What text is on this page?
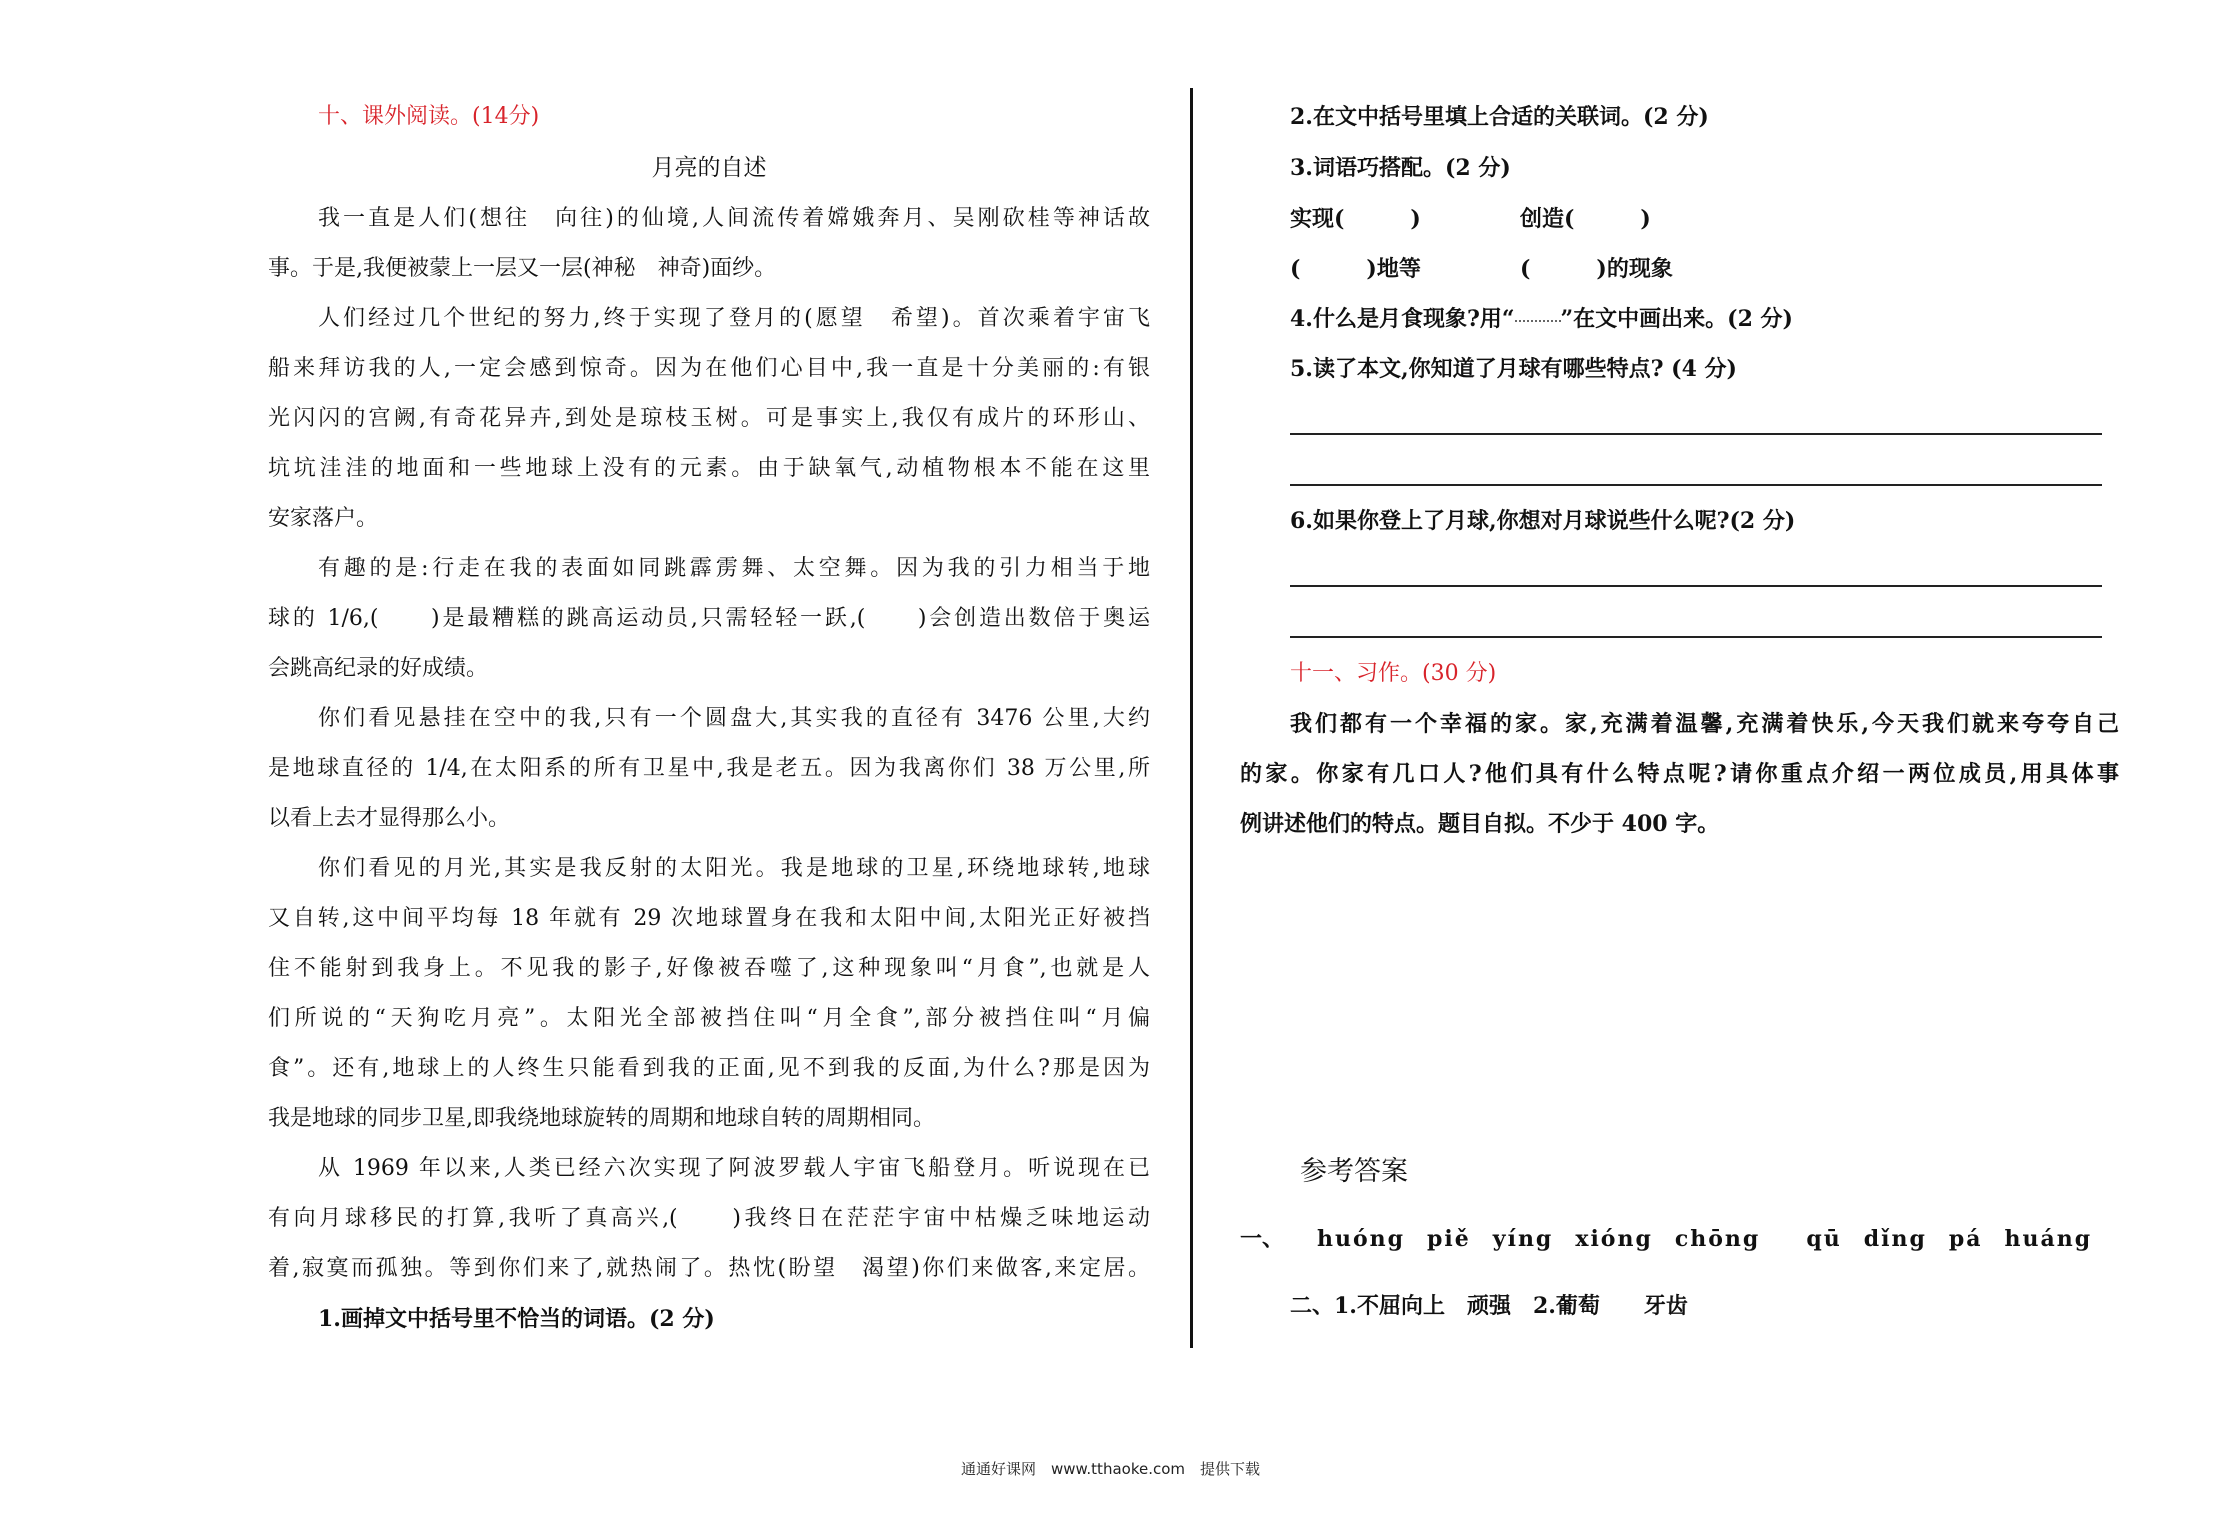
十、课外阅读。(14分)
月亮的自述
我一直是人们(想往　向往)的仙境,人间流传着嫦娥奔月、吴刚砍桂等神话故
事。于是,我便被蒙上一层又一层(神秘　神奇)面纱。
人们经过几个世纪的努力,终于实现了登月的(愿望　希望)。首次乘着宇宙飞
船来拜访我的人,一定会感到惊奇。因为在他们心目中,我一直是十分美丽的:有银
光闪闪的宫阙,有奇花异卉,到处是琼枝玉树。可是事实上,我仅有成片的环形山、
坑坑洼洼的地面和一些地球上没有的元素。由于缺氧气,动植物根本不能在这里
安家落户。
有趣的是:行走在我的表面如同跳霹雳舞、太空舞。因为我的引力相当于地
球的 1/6,(　　)是最糟糕的跳高运动员,只需轻轻一跃,(　　)会创造出数倍于奥运
会跳高纪录的好成绩。
你们看见悬挂在空中的我,只有一个圆盘大,其实我的直径有 3476 公里,大约
是地球直径的 1/4,在太阳系的所有卫星中,我是老五。因为我离你们 38 万公里,所
以看上去才显得那么小。
你们看见的月光,其实是我反射的太阳光。我是地球的卫星,环绕地球转,地球
又自转,这中间平均每 18 年就有 29 次地球置身在我和太阳中间,太阳光正好被挡
住不能射到我身上。不见我的影子,好像被吞噬了,这种现象叫“月食”,也就是人
们所说的“天狗吃月亮”。太阳光全部被挡住叫“月全食”,部分被挡住叫“月偏
食”。还有,地球上的人终生只能看到我的正面,见不到我的反面,为什么?那是因为
我是地球的同步卫星,即我绕地球旋转的周期和地球自转的周期相同。
从 1969 年以来,人类已经六次实现了阿波罗载人宇宙飞船登月。听说现在已
有向月球移民的打算,我听了真高兴,(　　)我终日在茫茫宇宙中枯燥乏味地运动
着,寂寞而孤独。等到你们来了,就热闹了。热忱(盼望　渴望)你们来做客,来定居。
1.画掉文中括号里不恰当的词语。(2 分)
2.在文中括号里填上合适的关联词。(2 分)
3.词语巧搭配。(2 分)
实现(　　　)	创造(　　　)
(　　　)地等	(　　　)的现象
4.什么是月食现象?用“ ”在文中画出来。(2 分)
5.读了本文,你知道了月球有哪些特点? (4 分)
6.如果你登上了月球,你想对月球说些什么呢?(2 分)
十一、习作。(30 分)
我们都有一个幸福的家。家,充满着温馨,充满着快乐,今天我们就来夸夸自己
的家。你家有几口人?他们具有什么特点呢?请你重点介绍一两位成员,用具体事
例讲述他们的特点。题目自拟。不少于 400 字。
参考答案
一、 huóng piě yíng xióng chōng qū dǐng pá huáng
二、1.不屈向上　顽强　2.葡萄　　牙齿
通通好课网　www.tthaoke.com　提供下载
